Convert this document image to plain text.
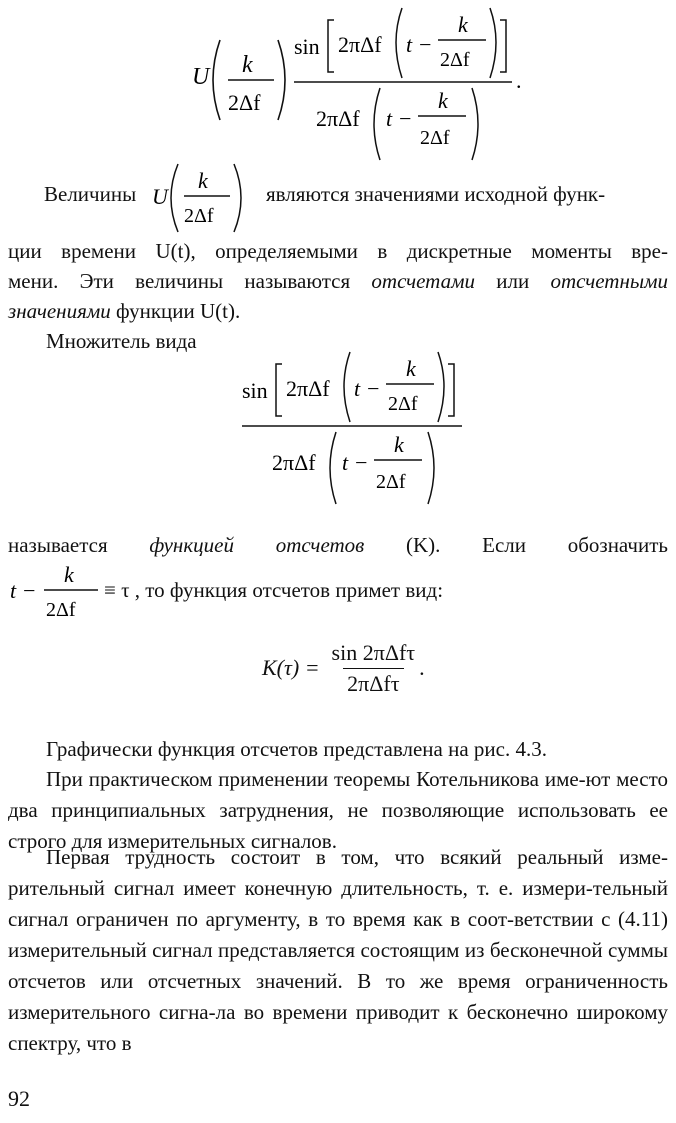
U k
2Δf
sin 2πΔf t −
k
2Δf
2πΔf t −
k
2Δf
.
Величины U
k
2Δf
являются значениями исходной функ-
ции времени U(t), определяемыми в дискретные моменты вре-
мени. Эти величины называются отсчетами или отсчетными
значениями функции U(t).
Множитель вида
sin 2πΔf t −
k
2Δf
2πΔf t −
k
2Δf
называется функцией отсчетов (K). Если обозначить
t −
k
2Δf
≡ τ , то функция отсчетов примет вид:
$K(\tau) = \frac{\text{sin 2πΔfτ}}{\text{2πΔfτ}}$ .
Графически функция отсчетов представлена на рис. 4.3.
При практическом применении теоремы Котельникова име-ют место два принципиальных затруднения, не позволяющие использовать ее строго для измерительных сигналов.
Первая трудность состоит в том, что всякий реальный изме-рительный сигнал имеет конечную длительность, т. е. измери-тельный сигнал ограничен по аргументу, в то время как в соот-ветствии с (4.11) измерительный сигнал представляется состоящим из бесконечной суммы отсчетов или отсчетных значений. В то же время ограниченность измерительного сигна-ла во времени приводит к бесконечно широкому спектру, что в
92
